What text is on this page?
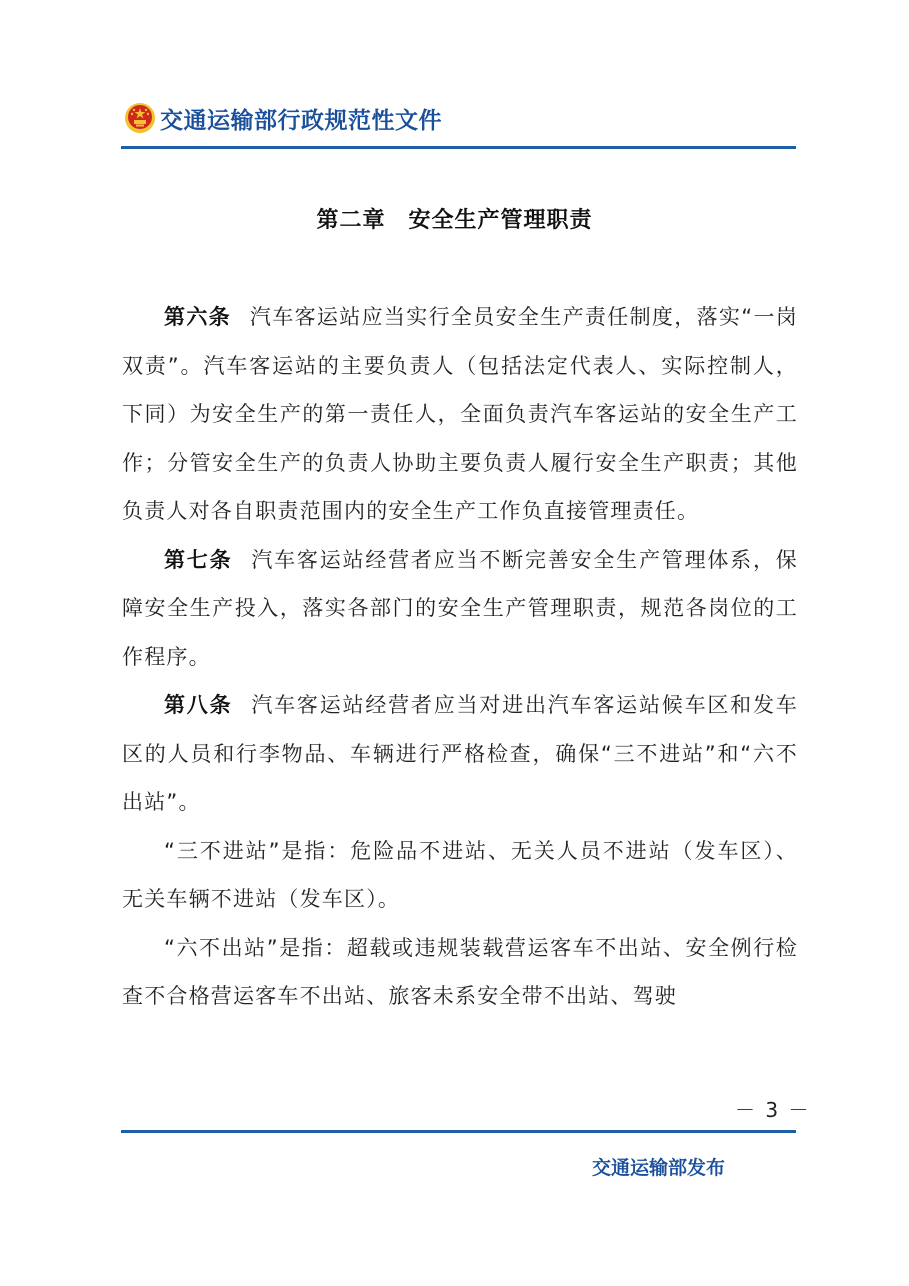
交通运输部行政规范性文件
第二章　安全生产管理职责

第六条 汽车客运站应当实行全员安全生产责任制度，落实“一岗双责”。汽车客运站的主要负责人（包括法定代表人、实际控制人，下同）为安全生产的第一责任人，全面负责汽车客运站的安全生产工作；分管安全生产的负责人协助主要负责人履行安全生产职责；其他负责人对各自职责范围内的安全生产工作负直接管理责任。

第七条 汽车客运站经营者应当不断完善安全生产管理体系，保障安全生产投入，落实各部门的安全生产管理职责，规范各岗位的工作程序。

第八条 汽车客运站经营者应当对进出汽车客运站候车区和发车区的人员和行李物品、车辆进行严格检查，确保“三不进站”和“六不出站”。

“三不进站”是指：危险品不进站、无关人员不进站（发车区）、无关车辆不进站（发车区）。

“六不出站”是指：超载或违规装载营运客车不出站、安全例行检查不合格营运客车不出站、旅客未系安全带不出站、驾驶

－ 3 －
交通运输部发布
